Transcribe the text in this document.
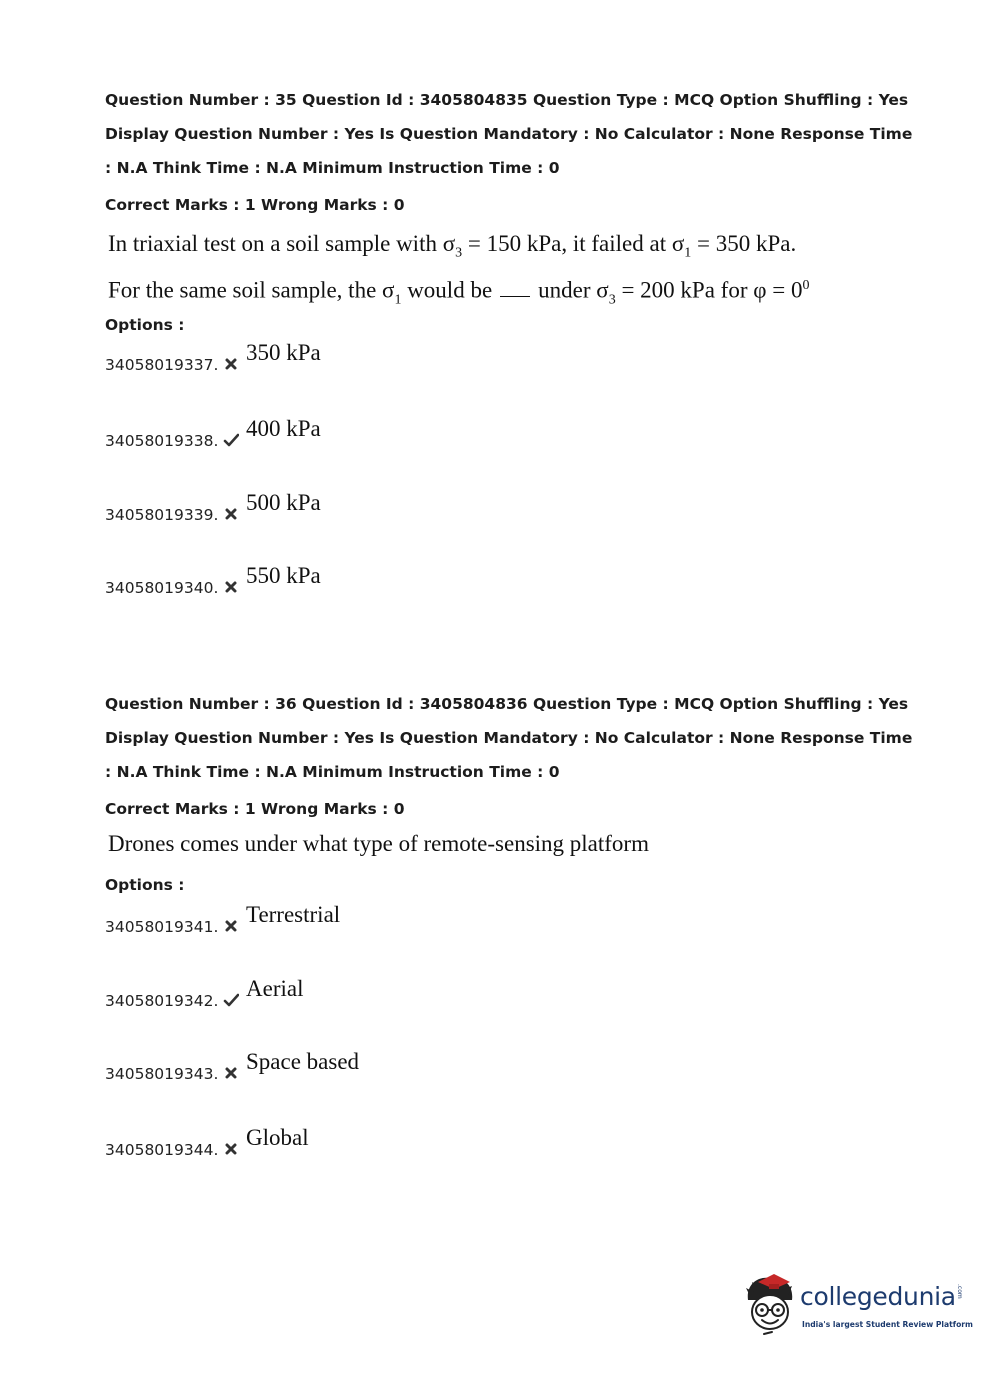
Question Number : 35 Question Id : 3405804835 Question Type : MCQ Option Shuffling : Yes
Display Question Number : Yes Is Question Mandatory : No Calculator : None Response Time
: N.A Think Time : N.A Minimum Instruction Time : 0

Correct Marks : 1 Wrong Marks : 0

In triaxial test on a soil sample with $\sigma_3 = 150$ kPa, it failed at $\sigma_1 = 350$ kPa.
For the same soil sample, the $\sigma_1$ would be under $\sigma_3 = 200$ kPa for $\varphi = 0^0$

Options :

34058019337. 350 kPa
34058019338. 400 kPa
34058019339. 500 kPa
34058019340. 550 kPa

Question Number : 36 Question Id : 3405804836 Question Type : MCQ Option Shuffling : Yes
Display Question Number : Yes Is Question Mandatory : No Calculator : None Response Time
: N.A Think Time : N.A Minimum Instruction Time : 0

Correct Marks : 1 Wrong Marks : 0

Drones comes under what type of remote-sensing platform

Options :

34058019341. Terrestrial
34058019342. Aerial
34058019343. Space based
34058019344. Global
collegedunia .com
India's largest Student Review Platform
